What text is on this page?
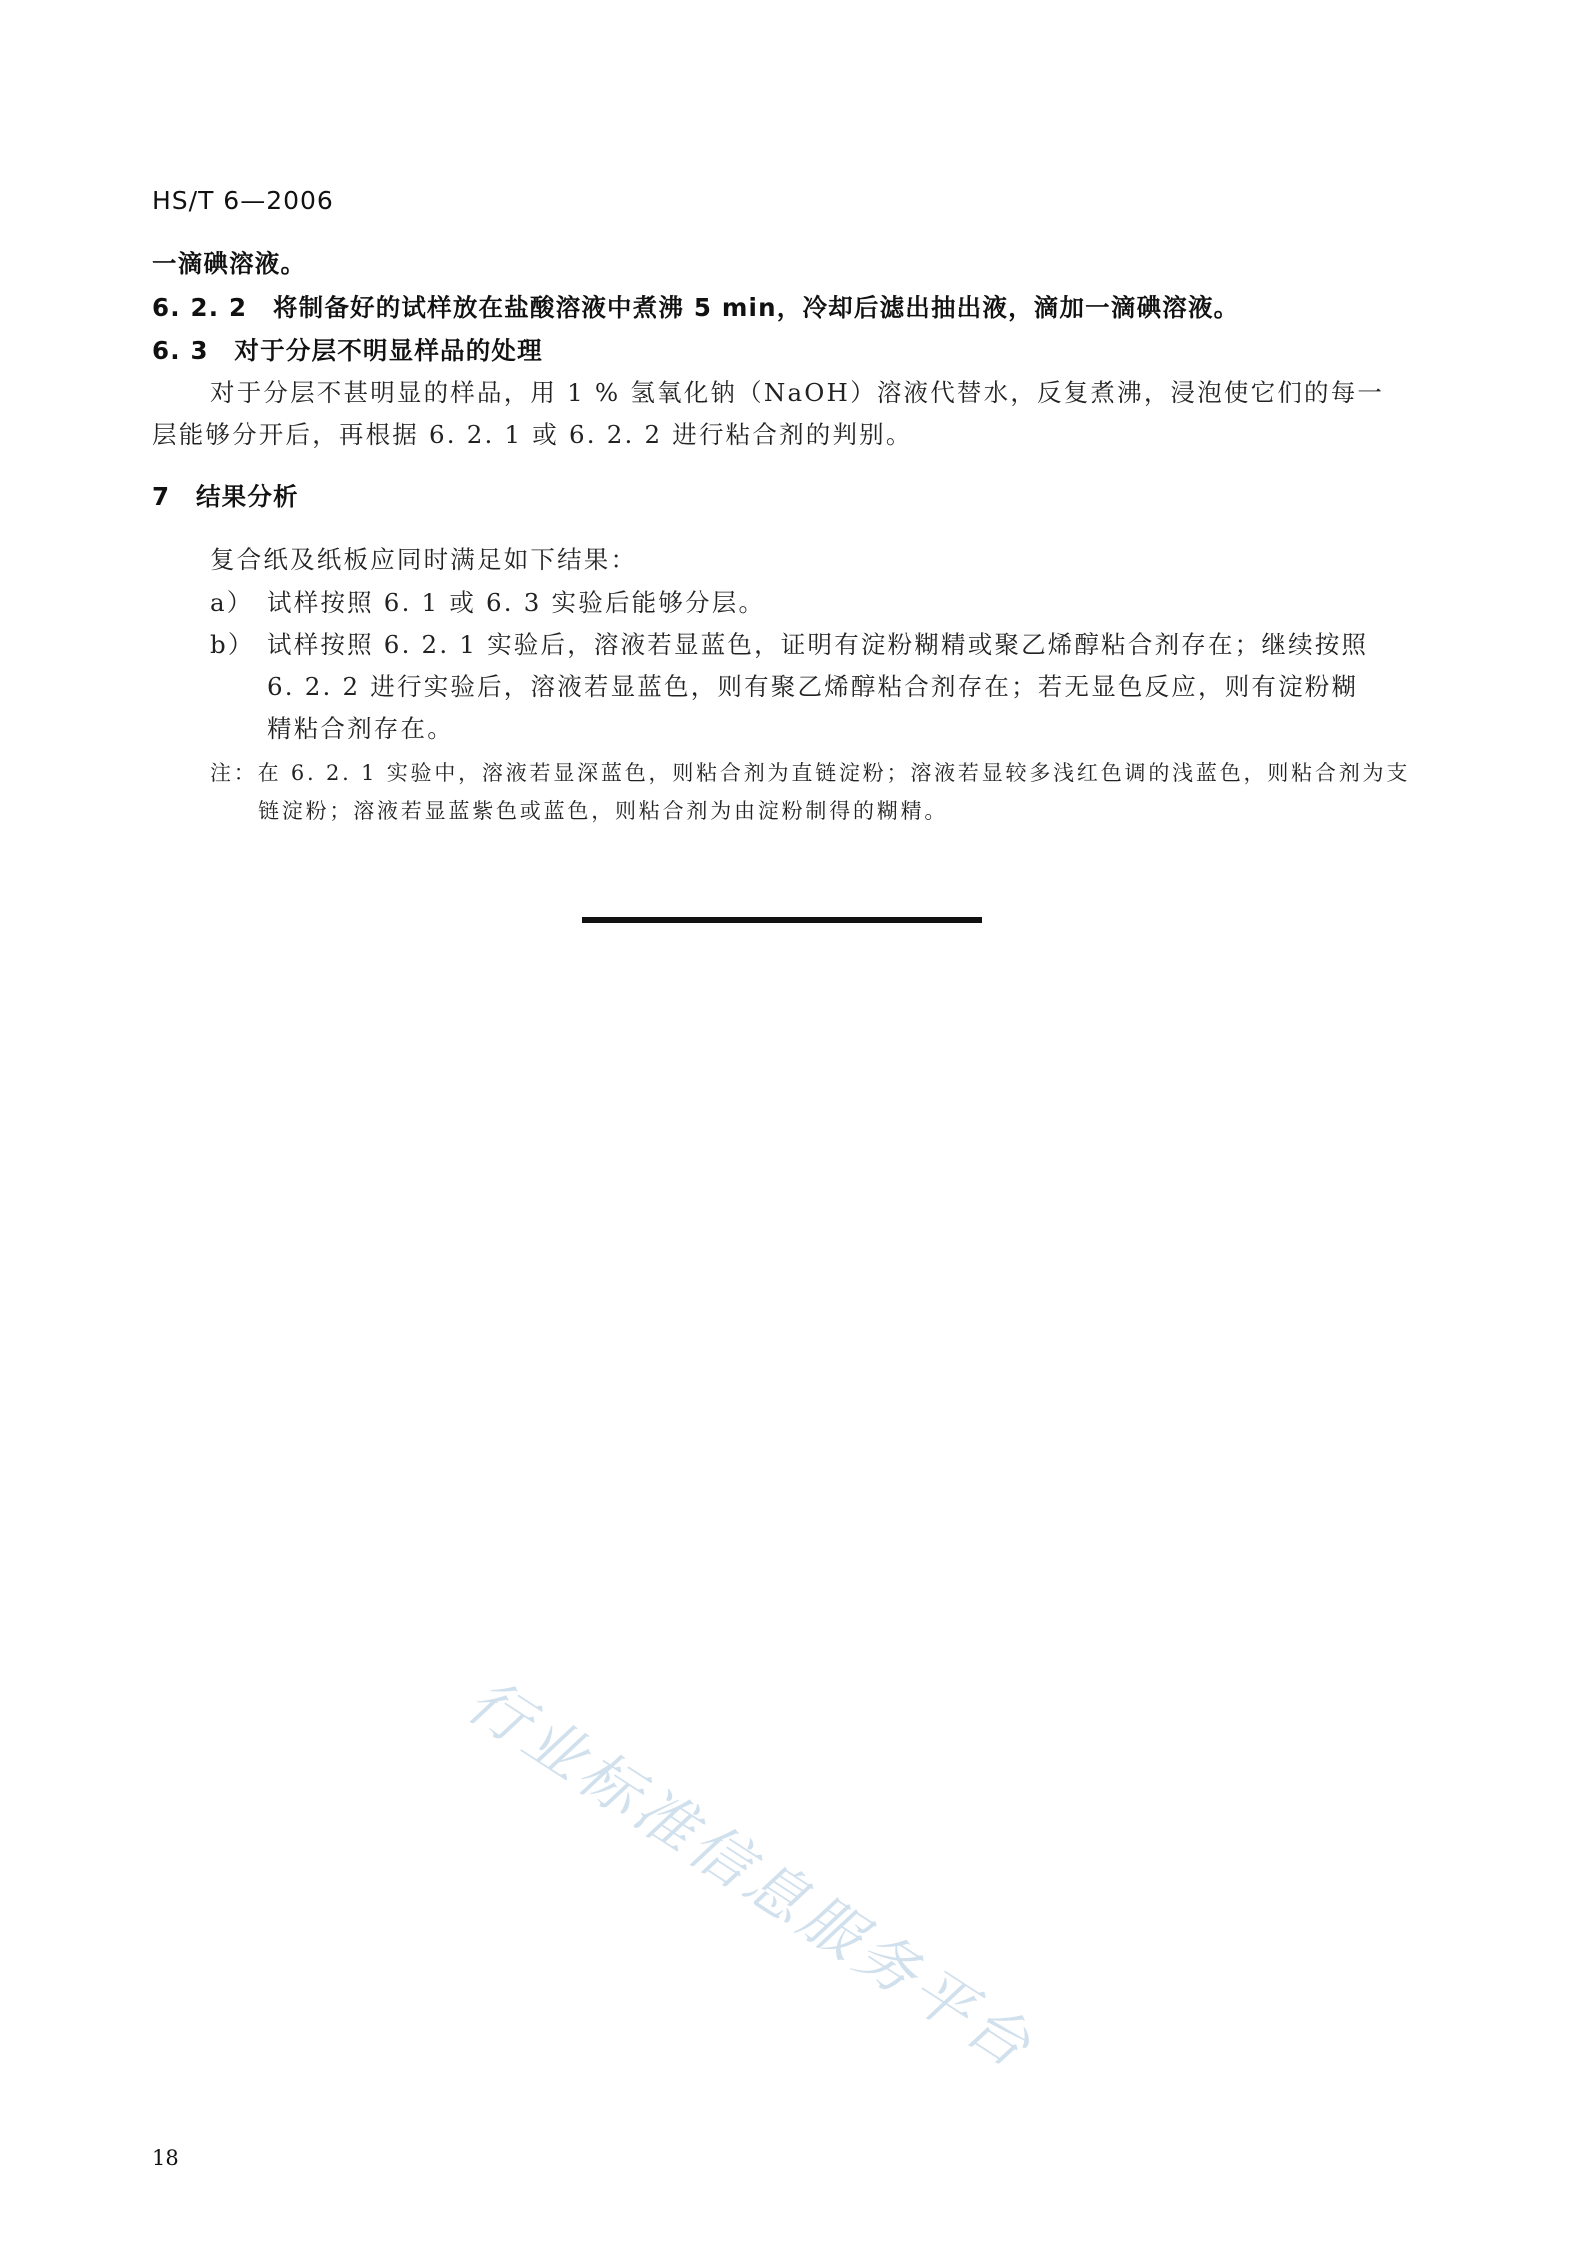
HS/T 6—2006
一滴碘溶液。
6. 2. 2　将制备好的试样放在盐酸溶液中煮沸 5 min，冷却后滤出抽出液，滴加一滴碘溶液。
6. 3　对于分层不明显样品的处理
对于分层不甚明显的样品，用 1 % 氢氧化钠（NaOH）溶液代替水，反复煮沸，浸泡使它们的每一
层能够分开后，再根据 6. 2. 1 或 6. 2. 2 进行粘合剂的判别。
7　结果分析
复合纸及纸板应同时满足如下结果：
a） 试样按照 6. 1 或 6. 3 实验后能够分层。
b） 试样按照 6. 2. 1 实验后，溶液若显蓝色，证明有淀粉糊精或聚乙烯醇粘合剂存在；继续按照
6. 2. 2 进行实验后，溶液若显蓝色，则有聚乙烯醇粘合剂存在；若无显色反应，则有淀粉糊
精粘合剂存在。
注：在 6. 2. 1 实验中，溶液若显深蓝色，则粘合剂为直链淀粉；溶液若显较多浅红色调的浅蓝色，则粘合剂为支
链淀粉；溶液若显蓝紫色或蓝色，则粘合剂为由淀粉制得的糊精。
行业标准信息服务平台
18
